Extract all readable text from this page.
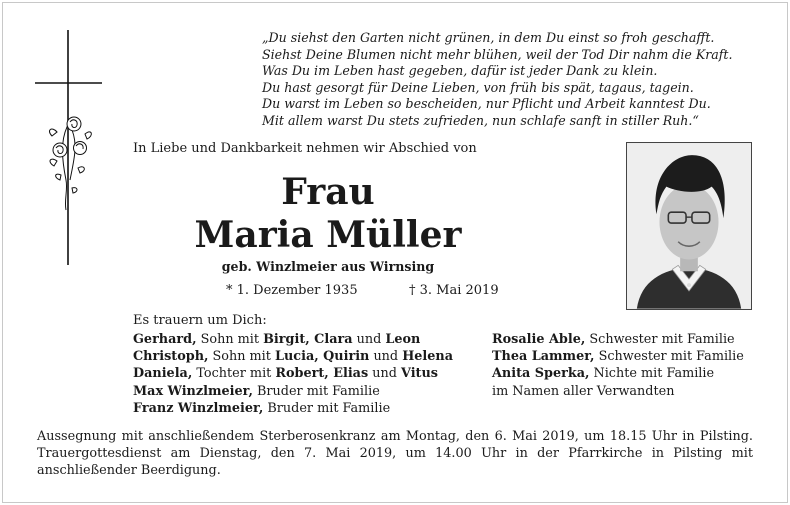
„Du siehst den Garten nicht grünen, in dem Du einst so froh geschafft.
Siehst Deine Blumen nicht mehr blühen, weil der Tod Dir nahm die Kraft.
Was Du im Leben hast gegeben, dafür ist jeder Dank zu klein.
Du hast gesorgt für Deine Lieben, von früh bis spät, tagaus, tagein.
Du warst im Leben so bescheiden, nur Pflicht und Arbeit kanntest Du.
Mit allem warst Du stets zufrieden, nun schlafe sanft in stiller Ruh.“
In Liebe und Dankbarkeit nehmen wir Abschied von
Frau
Maria Müller
geb. Winzlmeier aus Wirnsing
* 1. Dezember 1935	† 3. Mai 2019
Es trauern um Dich:
Gerhard, Sohn mit Birgit, Clara und Leon
Christoph, Sohn mit Lucia, Quirin und Helena
Daniela, Tochter mit Robert, Elias und Vitus
Max Winzlmeier, Bruder mit Familie
Franz Winzlmeier, Bruder mit Familie
Rosalie Able, Schwester mit Familie
Thea Lammer, Schwester mit Familie
Anita Sperka, Nichte mit Familie
im Namen aller Verwandten
Aussegnung mit anschließendem Sterberosenkranz am Montag, den 6. Mai 2019, um 18.15 Uhr in Pilsting. Trauergottesdienst am Dienstag, den 7. Mai 2019, um 14.00 Uhr in der Pfarrkirche in Pilsting mit anschließender Beerdigung.
